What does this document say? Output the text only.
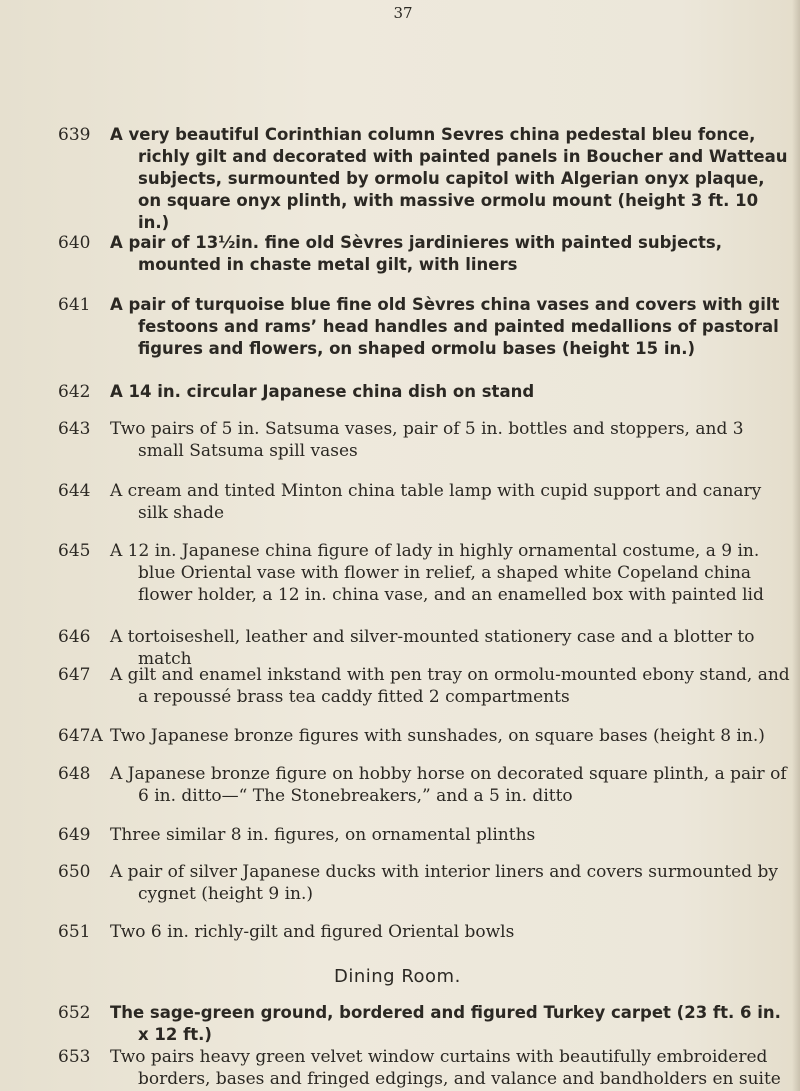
37
639	A very beautiful Corinthian column Sevres china pedestal bleu fonce, richly gilt and decorated with painted panels in Boucher and Watteau subjects, surmounted by ormolu capitol with Algerian onyx plaque, on square onyx plinth, with massive ormolu mount (height 3 ft. 10 in.)
640	A pair of 13½in. fine old Sèvres jardinieres with painted subjects, mounted in chaste metal gilt, with liners
641	A pair of turquoise blue fine old Sèvres china vases and covers with gilt festoons and rams’ head handles and painted medallions of pastoral figures and flowers, on shaped ormolu bases (height 15 in.)
642	A 14 in. circular Japanese china dish on stand
643	Two pairs of 5 in. Satsuma vases, pair of 5 in. bottles and stoppers, and 3 small Satsuma spill vases
644	A cream and tinted Minton china table lamp with cupid support and canary silk shade
645	A 12 in. Japanese china figure of lady in highly ornamental costume, a 9 in. blue Oriental vase with flower in relief, a shaped white Copeland china flower holder, a 12 in. china vase, and an enamelled box with painted lid
646	A tortoiseshell, leather and silver-mounted stationery case and a blotter to match
647	A gilt and enamel inkstand with pen tray on ormolu-mounted ebony stand, and a repoussé brass tea caddy fitted 2 compartments
647A Two Japanese bronze figures with sunshades, on square bases (height 8 in.)
648	A Japanese bronze figure on hobby horse on decorated square plinth, a pair of 6 in. ditto—“ The Stonebreakers,” and a 5 in. ditto
649	Three similar 8 in. figures, on ornamental plinths
650	A pair of silver Japanese ducks with interior liners and covers surmounted by cygnet (height 9 in.)
651	Two 6 in. richly-gilt and figured Oriental bowls
Dining Room.
652	The sage-green ground, bordered and figured Turkey carpet (23 ft. 6 in. x 12 ft.)
653	Two pairs heavy green velvet window curtains with beautifully embroidered borders, bases and fringed edgings, and valance and bandholders en suite
